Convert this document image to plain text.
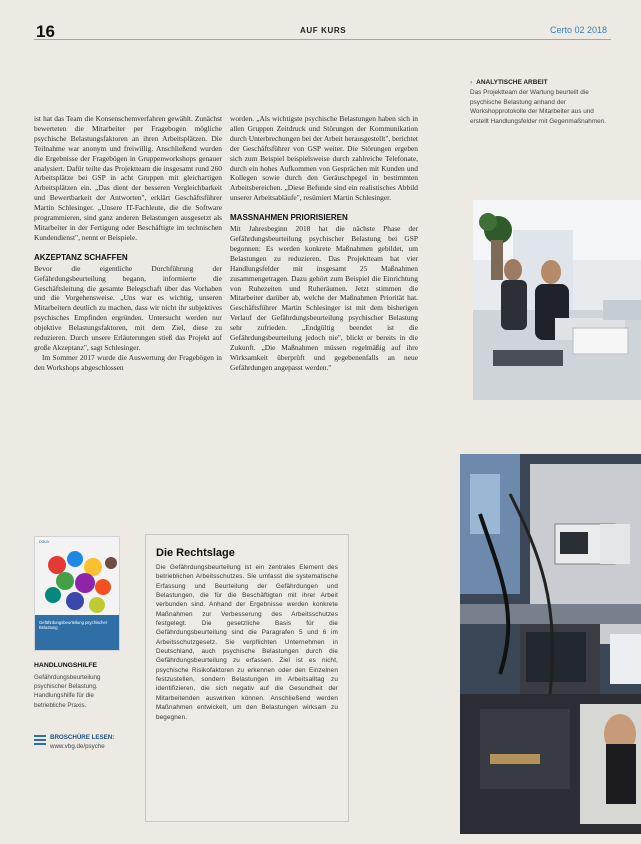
16	AUF KURS	Certo 02 2018
› ANALYTISCHE ARBEIT
Das Projektteam der Wartung beurteilt die psychische Belastung anhand der Workshopprotokolle der Mitarbeiter aus und erstellt Handlungsfelder mit Gegenmaßnahmen.

ist hat das Team die Konsenschemverfahren gewählt. Zunächst bewerteten die Mitarbeiter per Fragebogen mögliche psychische Belastungsfaktoren an ihren Arbeitsplätzen. Die Teilnahme war anonym und freiwillig. Anschließend wurden die Ergebnisse der Fragebögen in Gruppenworkshops genauer analysiert. Dafür teilte das Projektteam die insgesamt rund 260 Arbeitsplätze bei GSP in acht Gruppen mit gleichartigen Arbeitsplätzen ein. „Das dient der besseren Vergleichbarkeit und Bewertbarkeit der Antworten", erklärt Geschäftsführer Martin Schlesinger. „Unsere IT-Fachleute, die die Software programmieren, sind ganz anderen Belastungen ausgesetzt als Mitarbeiter in der Fertigung oder Beschäftigte im technischen Kundendienst", nennt er Beispiele.

AKZEPTANZ SCHAFFEN

Bevor die eigentliche Durchführung der Gefährdungsbeurteilung begann, informierte die Geschäftsleitung die gesamte Belegschaft über das Vorhaben und die Vorgehensweise. „Uns war es wichtig, unseren Mitarbeitern deutlich zu machen, dass wir nicht ihr subjektives psychisches Empfinden ergründen. Untersucht werden nur objektive Belastungsfaktoren, mit dem Ziel, diese zu reduzieren. Durch unsere Erläuterungen stieß das Projekt auf große Akzeptanz", sagt Schlesinger.

Im Sommer 2017 wurde die Auswertung der Fragebögen in den Workshops abgeschlossen

worden. „Als wichtigste psychische Belastungen haben sich in allen Gruppen Zeitdruck und Störungen der Kommunikation durch Unterbrechungen bei der Arbeit herausgestellt", berichtet der Geschäftsführer von GSP weiter. Die Störungen ergeben sich zum Beispiel beispielsweise durch zahlreiche Telefonate, durch ein hohes Aufkommen von Gesprächen mit Kunden und Kollegen sowie durch den Geräuschpegel in bestimmten Arbeitsbereichen. „Diese Befunde sind ein realistisches Abbild unserer Arbeitsabläufe", resümiert Martin Schlesinger.

MASSNAHMEN PRIORISIEREN

Mit Jahresbeginn 2018 hat die nächste Phase der Gefährdungsbeurteilung psychischer Belastung bei GSP begonnen: Es werden konkrete Maßnahmen gebildet, um Belastungen zu reduzieren. Das Projektteam hat vier Handlungsfelder mit insgesamt 25 Maßnahmen zusammengetragen. Dazu gehört zum Beispiel die Einrichtung von Ruhezeiten und Ruheräumen. Jetzt stimmen die Mitarbeiter darüber ab, welche der Maßnahmen Priorität hat. Geschäftsführer Martin Schlesinger ist mit dem bisherigen Verlauf der Gefährdungsbeurteilung psychischer Belastung sehr zufrieden. „Endgültig beendet ist die Gefährdungsbeurteilung jedoch nie", blickt er bereits in die Zukunft. „Die Maßnahmen müssen regelmäßig auf ihre Wirksamkeit überprüft und gegebenenfalls an neue Gefährdungen angepasst werden."

Die Rechtslage
Die Gefährdungsbeurteilung ist ein zentrales Element des betrieblichen Arbeitsschutzes. Sie umfasst die systematische Erfassung und Beurteilung der Gefährdungen und Belastungen, die für die Beschäftigten mit ihrer Arbeit verbunden sind. Anhand der Ergebnisse werden konkrete Maßnahmen zur Verbesserung des Arbeitsschutzes festgelegt. Die gesetzliche Basis für die Gefährdungsbeurteilung sind die Paragrafen 5 und 6 im Arbeitsschutzgesetz. Sie verpflichten Unternehmen in Deutschland, auch psychische Belastungen durch die Gefährdungsbeurteilung zu erfassen. Ziel ist es nicht, psychische Risikofaktoren zu erkennen oder den Einzelnen festzustellen, sondern Belastungen im Arbeitsalltag zu identifizieren, die sich negativ auf die Gesundheit der Mitarbeitenden auswirken können. Anschließend werden Maßnahmen entwickelt, um den Belastungen wirksam zu begegnen.
DGUV
Gefährdungsbeurteilung psychischer Belastung
HANDLUNGSHILFE
Gefährdungsbeurteilung psychischer Belastung. Handlungshilfe für die betriebliche Praxis.
BROSCHÜRE LESEN:
www.vbg.de/psyche
